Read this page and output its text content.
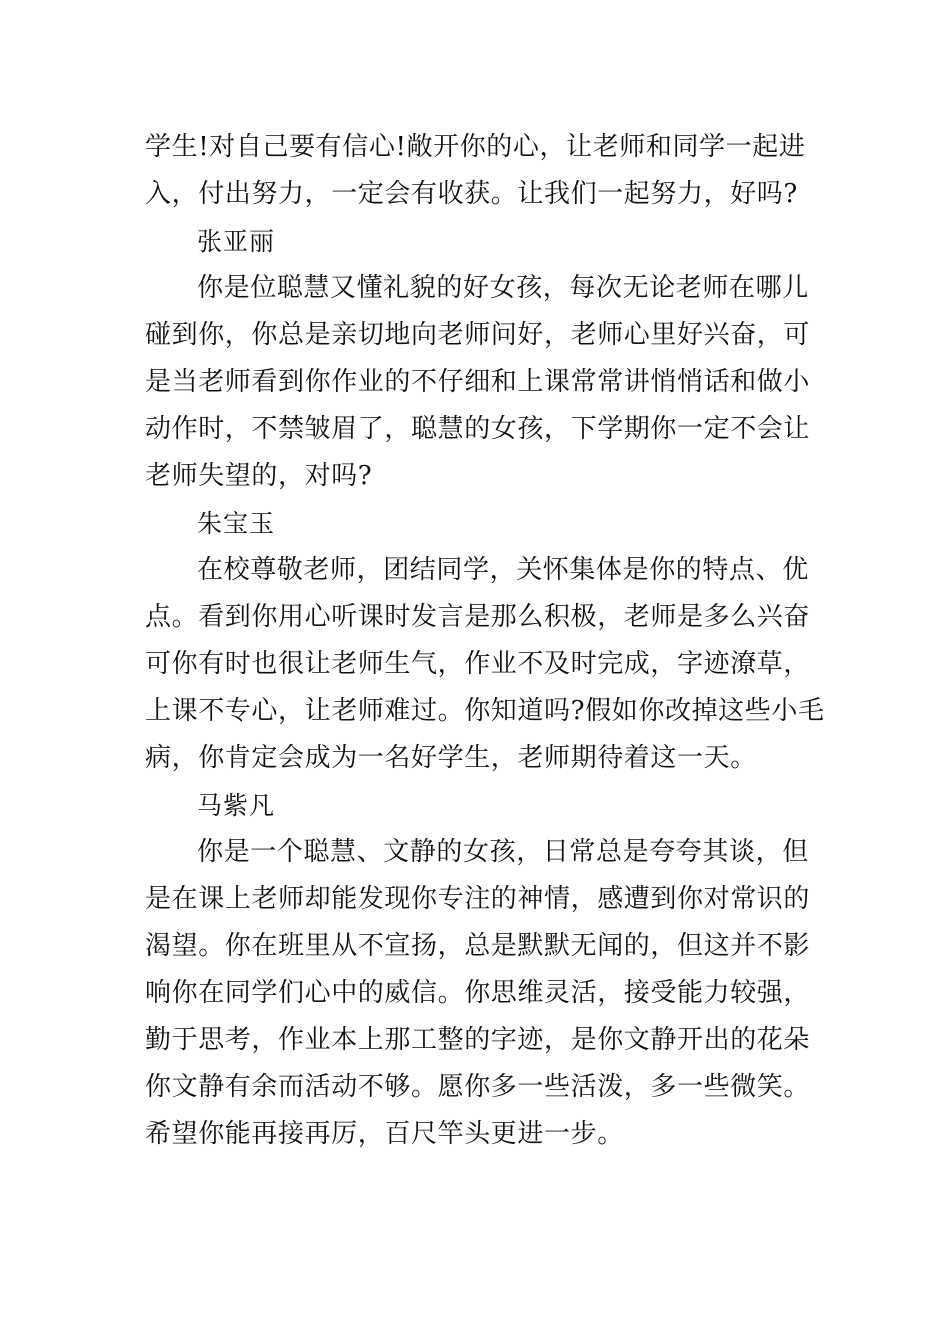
学生!对自己要有信心!敞开你的心，让老师和同学一起进
入，付出努力，一定会有收获。让我们一起努力，好吗?
张亚丽
你是位聪慧又懂礼貌的好女孩，每次无论老师在哪儿
碰到你，你总是亲切地向老师问好，老师心里好兴奋，可
是当老师看到你作业的不仔细和上课常常讲悄悄话和做小
动作时，不禁皱眉了，聪慧的女孩，下学期你一定不会让
老师失望的，对吗?
朱宝玉
在校尊敬老师，团结同学，关怀集体是你的特点、优
点。看到你用心听课时发言是那么积极，老师是多么兴奋
可你有时也很让老师生气，作业不及时完成，字迹潦草，
上课不专心，让老师难过。你知道吗?假如你改掉这些小毛
病，你肯定会成为一名好学生，老师期待着这一天。
马紫凡
你是一个聪慧、文静的女孩，日常总是夸夸其谈，但
是在课上老师却能发现你专注的神情，感遭到你对常识的
渴望。你在班里从不宣扬，总是默默无闻的，但这并不影
响你在同学们心中的威信。你思维灵活，接受能力较强，
勤于思考，作业本上那工整的字迹，是你文静开出的花朵
你文静有余而活动不够。愿你多一些活泼，多一些微笑。
希望你能再接再厉，百尺竿头更进一步。
